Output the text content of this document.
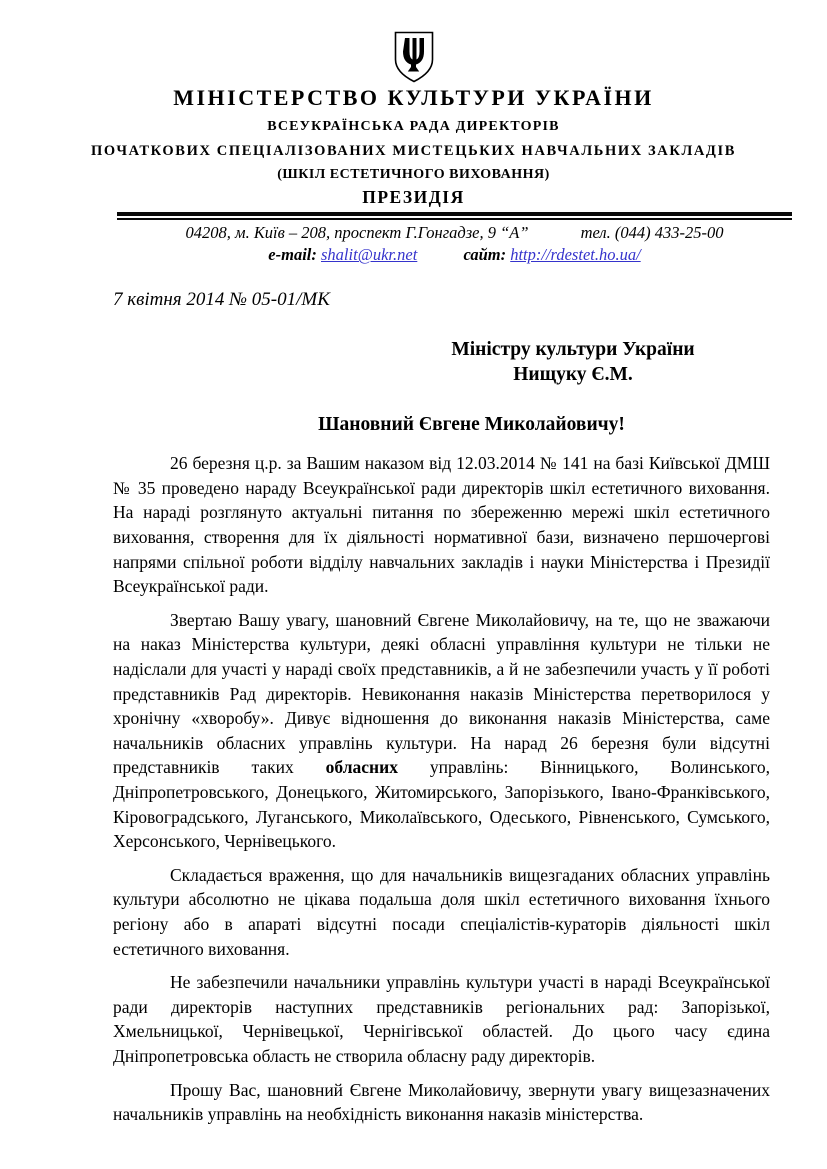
МІНІСТЕРСТВО КУЛЬТУРИ УКРАЇНИ
ВСЕУКРАЇНСЬКА РАДА ДИРЕКТОРІВ
ПОЧАТКОВИХ СПЕЦІАЛІЗОВАНИХ МИСТЕЦЬКИХ НАВЧАЛЬНИХ ЗАКЛАДІВ
(ШКІЛ ЕСТЕТИЧНОГО ВИХОВАННЯ)
ПРЕЗИДІЯ
04208, м. Київ – 208, проспект Г.Гонгадзе, 9 “А”	тел. (044) 433-25-00
e-mail: shalit@ukr.net	сайт: http://rdestet.ho.ua/
7 квітня 2014 № 05-01/МК
Міністру культури України
Нищуку Є.М.
Шановний Євгене Миколайовичу!

26 березня ц.р. за Вашим наказом від 12.03.2014 № 141 на базі Київської ДМШ № 35 проведено нараду Всеукраїнської ради директорів шкіл естетичного виховання. На нараді розглянуто актуальні питання по збереженню мережі шкіл естетичного виховання, створення для їх діяльності нормативної бази, визначено першочергові напрями спільної роботи відділу навчальних закладів і науки Міністерства і Президії Всеукраїнської ради.

Звертаю Вашу увагу, шановний Євгене Миколайовичу, на те, що не зважаючи на наказ Міністерства культури, деякі обласні управління культури не тільки не надіслали для участі у нараді своїх представників, а й не забезпечили участь у її роботі представників Рад директорів. Невиконання наказів Міністерства перетворилося у хронічну «хворобу». Дивує відношення до виконання наказів Міністерства, саме начальників обласних управлінь культури. На нарад 26 березня були відсутні представників таких обласних управлінь: Вінницького, Волинського, Дніпропетровського, Донецького, Житомирського, Запорізького, Івано-Франківського, Кіровоградського, Луганського, Миколаївського, Одеського, Рівненського, Сумського, Херсонського, Чернівецького.

Складається враження, що для начальників вищезгаданих обласних управлінь культури абсолютно не цікава подальша доля шкіл естетичного виховання їхнього регіону або в апараті відсутні посади спеціалістів-кураторів діяльності шкіл естетичного виховання.

Не забезпечили начальники управлінь культури участі в нараді Всеукраїнської ради директорів наступних представників регіональних рад: Запорізької, Хмельницької, Чернівецької, Чернігівської областей. До цього часу єдина Дніпропетровська область не створила обласну раду директорів.

Прошу Вас, шановний Євгене Миколайовичу, звернути увагу вищезазначених начальників управлінь на необхідність виконання наказів міністерства.
